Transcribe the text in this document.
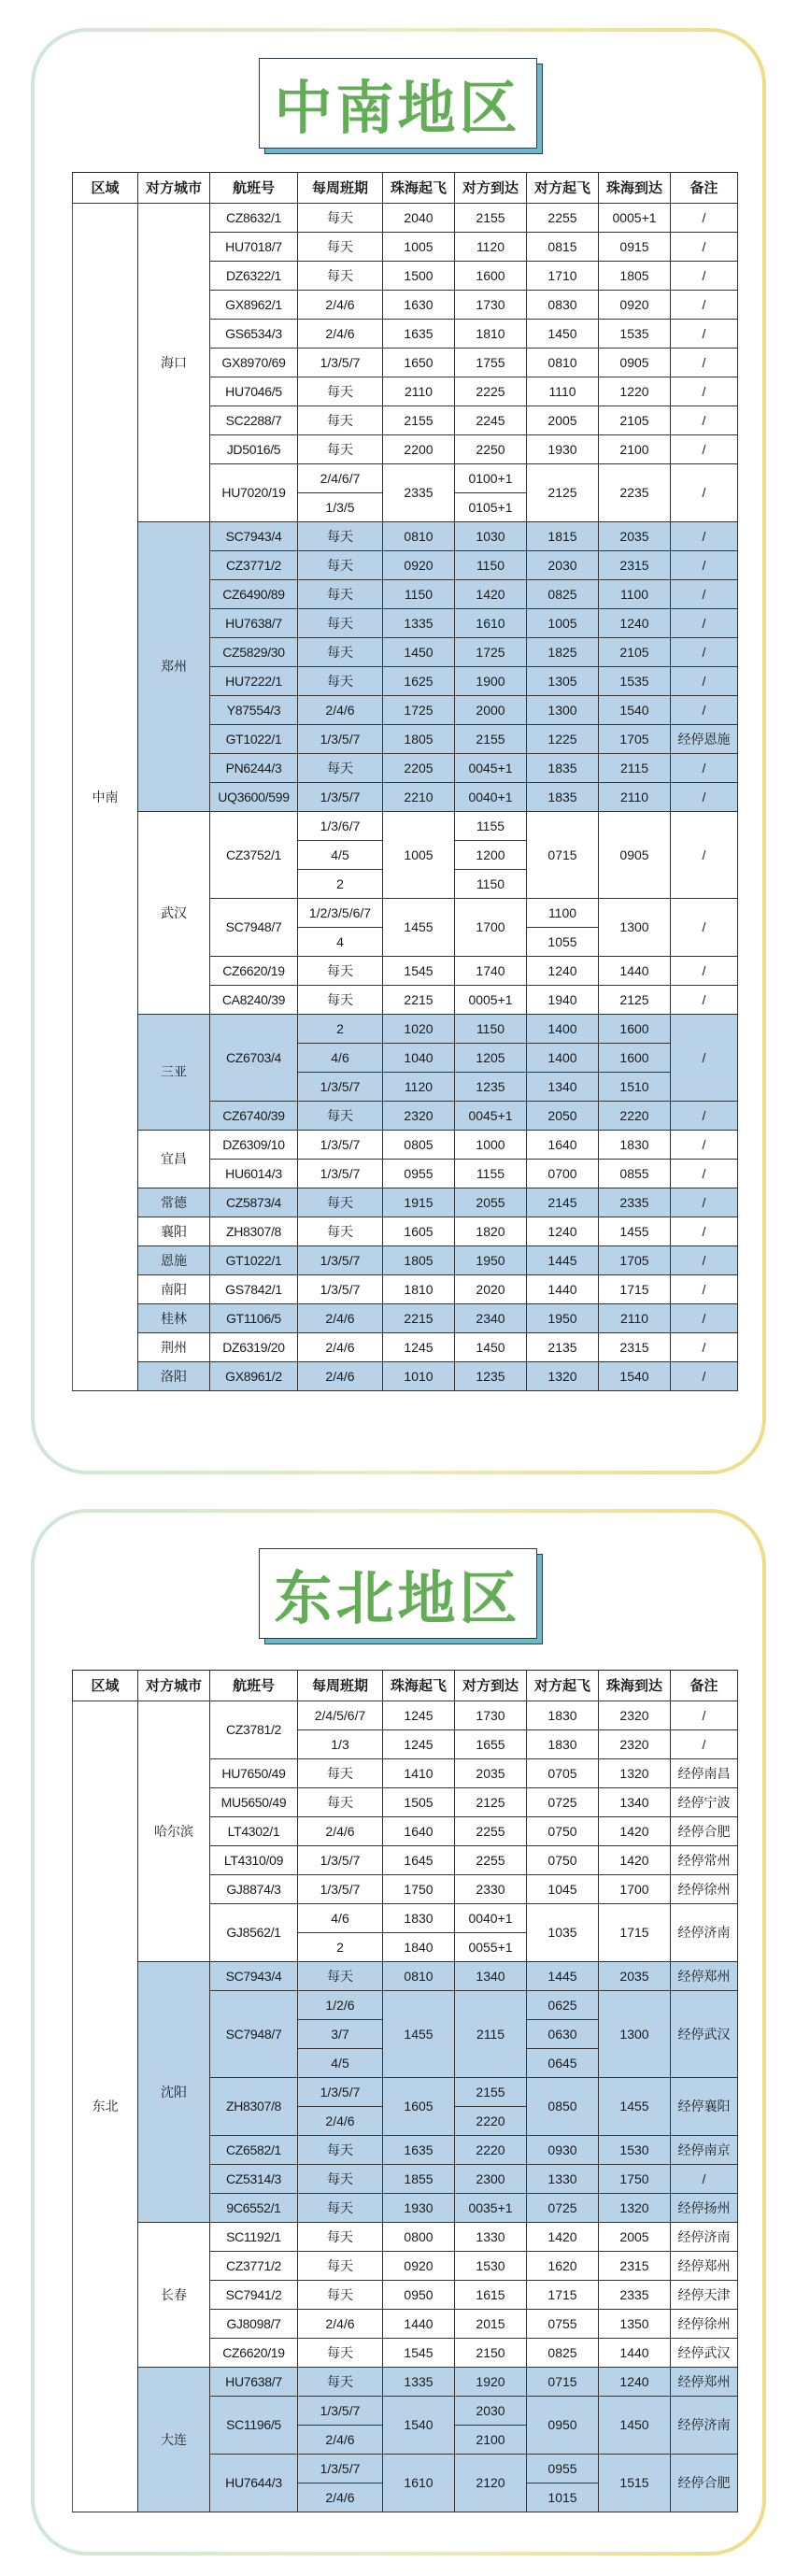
中南地区
区域	对方城市	航班号	每周班期	珠海起飞	对方到达	对方起飞	珠海到达	备注
中南	海口	CZ8632/1	每天	2040	2155	2255	0005+1	/
		HU7018/7	每天	1005	1120	0815	0915	/
		DZ6322/1	每天	1500	1600	1710	1805	/
		GX8962/1	2/4/6	1630	1730	0830	0920	/
		GS6534/3	2/4/6	1635	1810	1450	1535	/
		GX8970/69	1/3/5/7	1650	1755	0810	0905	/
		HU7046/5	每天	2110	2225	1110	1220	/
		SC2288/7	每天	2155	2245	2005	2105	/
		JD5016/5	每天	2200	2250	1930	2100	/
		HU7020/19	2/4/6/7	2335	0100+1	2125	2235	/
			1/3/5		0105+1			
	郑州	SC7943/4	每天	0810	1030	1815	2035	/
		CZ3771/2	每天	0920	1150	2030	2315	/
		CZ6490/89	每天	1150	1420	0825	1100	/
		HU7638/7	每天	1335	1610	1005	1240	/
		CZ5829/30	每天	1450	1725	1825	2105	/
		HU7222/1	每天	1625	1900	1305	1535	/
		Y87554/3	2/4/6	1725	2000	1300	1540	/
		GT1022/1	1/3/5/7	1805	2155	1225	1705	经停恩施
		PN6244/3	每天	2205	0045+1	1835	2115	/
		UQ3600/599	1/3/5/7	2210	0040+1	1835	2110	/
	武汉	CZ3752/1	1/3/6/7	1005	1155	0715	0905	/
			4/5		1200			
			2		1150			
		SC7948/7	1/2/3/5/6/7	1455	1700	1100	1300	/
			4			1055		
		CZ6620/19	每天	1545	1740	1240	1440	/
		CA8240/39	每天	2215	0005+1	1940	2125	/
	三亚	CZ6703/4	2	1020	1150	1400	1600	/
			4/6	1040	1205	1400	1600	
			1/3/5/7	1120	1235	1340	1510	
		CZ6740/39	每天	2320	0045+1	2050	2220	/
	宜昌	DZ6309/10	1/3/5/7	0805	1000	1640	1830	/
		HU6014/3	1/3/5/7	0955	1155	0700	0855	/
	常德	CZ5873/4	每天	1915	2055	2145	2335	/
	襄阳	ZH8307/8	每天	1605	1820	1240	1455	/
	恩施	GT1022/1	1/3/5/7	1805	1950	1445	1705	/
	南阳	GS7842/1	1/3/5/7	1810	2020	1440	1715	/
	桂林	GT1106/5	2/4/6	2215	2340	1950	2110	/
	荆州	DZ6319/20	2/4/6	1245	1450	2135	2315	/
	洛阳	GX8961/2	2/4/6	1010	1235	1320	1540	/
东北地区
区域	对方城市	航班号	每周班期	珠海起飞	对方到达	对方起飞	珠海到达	备注
东北	哈尔滨	CZ3781/2	2/4/5/6/7	1245	1730	1830	2320	/
			1/3	1245	1655	1830	2320	/
		HU7650/49	每天	1410	2035	0705	1320	经停南昌
		MU5650/49	每天	1505	2125	0725	1340	经停宁波
		LT4302/1	2/4/6	1640	2255	0750	1420	经停合肥
		LT4310/09	1/3/5/7	1645	2255	0750	1420	经停常州
		GJ8874/3	1/3/5/7	1750	2330	1045	1700	经停徐州
		GJ8562/1	4/6	1830	0040+1	1035	1715	经停济南
			2	1840	0055+1			
	沈阳	SC7943/4	每天	0810	1340	1445	2035	经停郑州
		SC7948/7	1/2/6	1455	2115	0625	1300	经停武汉
			3/7			0630		
			4/5			0645		
		ZH8307/8	1/3/5/7	1605	2155	0850	1455	经停襄阳
			2/4/6		2220			
		CZ6582/1	每天	1635	2220	0930	1530	经停南京
		CZ5314/3	每天	1855	2300	1330	1750	/
		9C6552/1	每天	1930	0035+1	0725	1320	经停扬州
	长春	SC1192/1	每天	0800	1330	1420	2005	经停济南
		CZ3771/2	每天	0920	1530	1620	2315	经停郑州
		SC7941/2	每天	0950	1615	1715	2335	经停天津
		GJ8098/7	2/4/6	1440	2015	0755	1350	经停徐州
		CZ6620/19	每天	1545	2150	0825	1440	经停武汉
	大连	HU7638/7	每天	1335	1920	0715	1240	经停郑州
		SC1196/5	1/3/5/7	1540	2030	0950	1450	经停济南
			2/4/6		2100			
		HU7644/3	1/3/5/7	1610	2120	0955	1515	经停合肥
			2/4/6			1015		
